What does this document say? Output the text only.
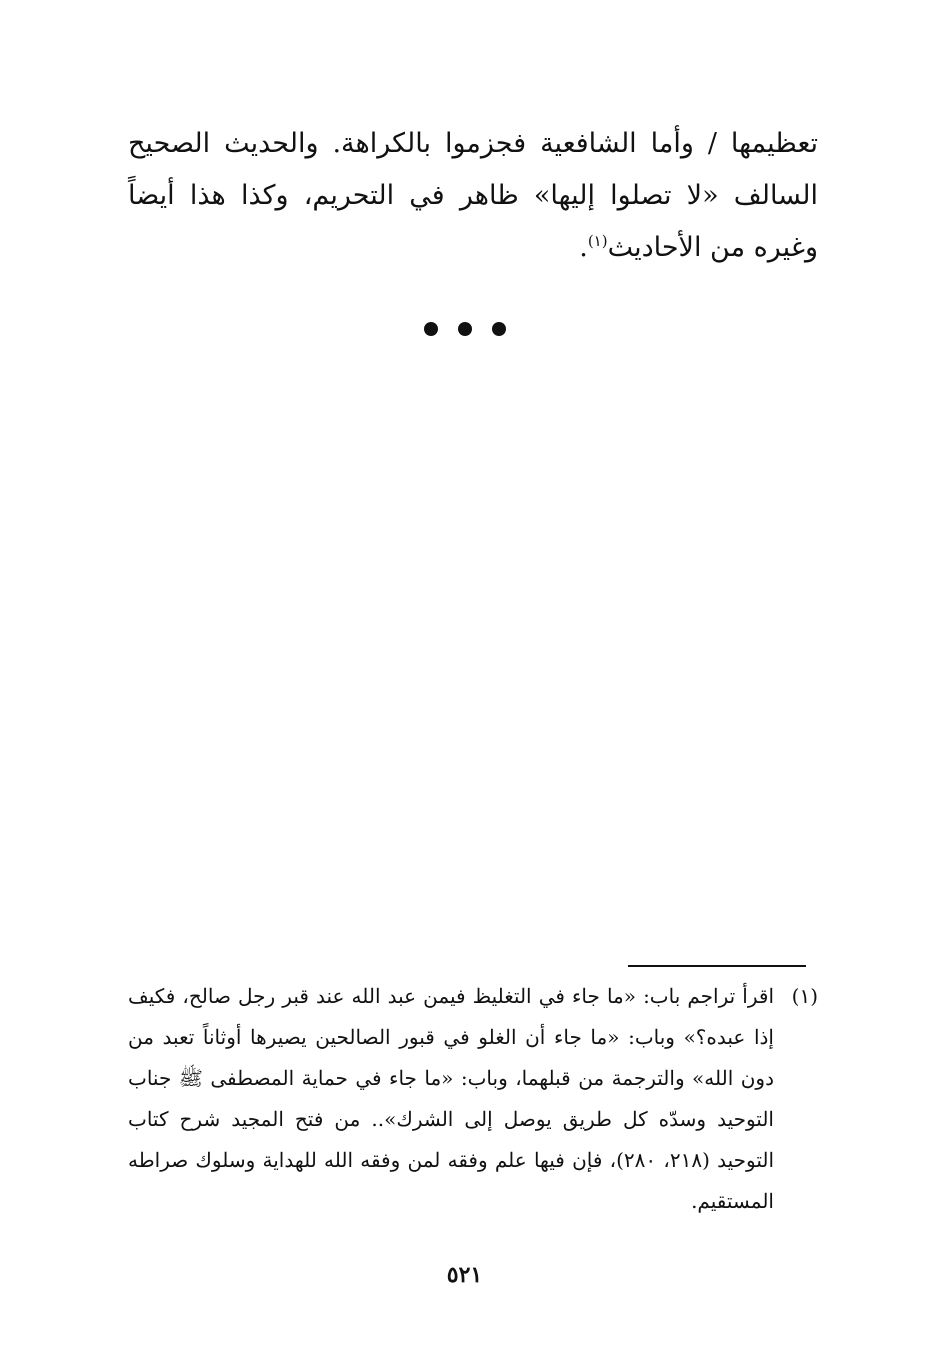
تعظيمها / وأما الشافعية فجزموا بالكراهة. والحديث الصحيح السالف «لا تصلوا إليها» ظاهر في التحريم، وكذا هذا أيضاً وغيره من الأحاديث$^{(١)}$.

(١)
اقرأ تراجم باب: «ما جاء في التغليظ فيمن عبد الله عند قبر رجل صالح، فكيف إذا عبده؟» وباب: «ما جاء أن الغلو في قبور الصالحين يصيرها أوثاناً تعبد من دون الله» والترجمة من قبلهما، وباب: «ما جاء في حماية المصطفى ﷺ جناب التوحيد وسدّه كل طريق يوصل إلى الشرك».. من فتح المجيد شرح كتاب التوحيد (٢١٨، ٢٨٠)، فإن فيها علم وفقه لمن وفقه الله للهداية وسلوك صراطه المستقيم.
٥٢١
